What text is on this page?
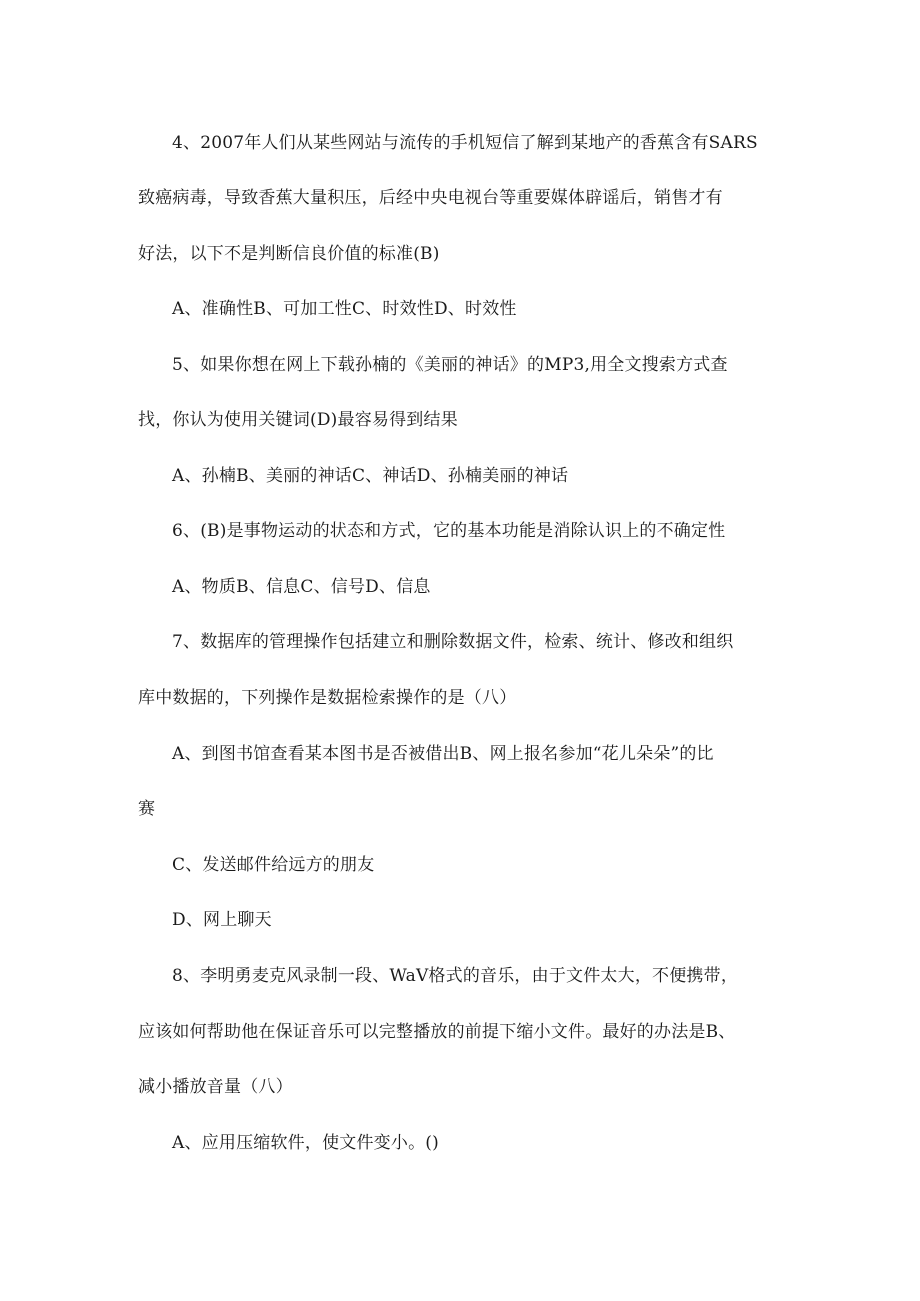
4、2007年人们从某些网站与流传的手机短信了解到某地产的香蕉含有SARS
致癌病毒，导致香蕉大量积压，后经中央电视台等重要媒体辟谣后，销售才有
好法，以下不是判断信良价值的标准(B)
A、准确性B、可加工性C、时效性D、时效性
5、如果你想在网上下载孙楠的《美丽的神话》的MP3,用全文搜索方式查
找，你认为使用关键词(D)最容易得到结果
A、孙楠B、美丽的神话C、神话D、孙楠美丽的神话
6、(B)是事物运动的状态和方式，它的基本功能是消除认识上的不确定性
A、物质B、信息C、信号D、信息
7、数据库的管理操作包括建立和删除数据文件，检索、统计、修改和组织
库中数据的，下列操作是数据检索操作的是（八）
A、到图书馆查看某本图书是否被借出B、网上报名参加“花儿朵朵”的比
赛
C、发送邮件给远方的朋友
D、网上聊天
8、李明勇麦克风录制一段、WaV格式的音乐，由于文件太大，不便携带，
应该如何帮助他在保证音乐可以完整播放的前提下缩小文件。最好的办法是B、
减小播放音量（八）
A、应用压缩软件，使文件变小。()
